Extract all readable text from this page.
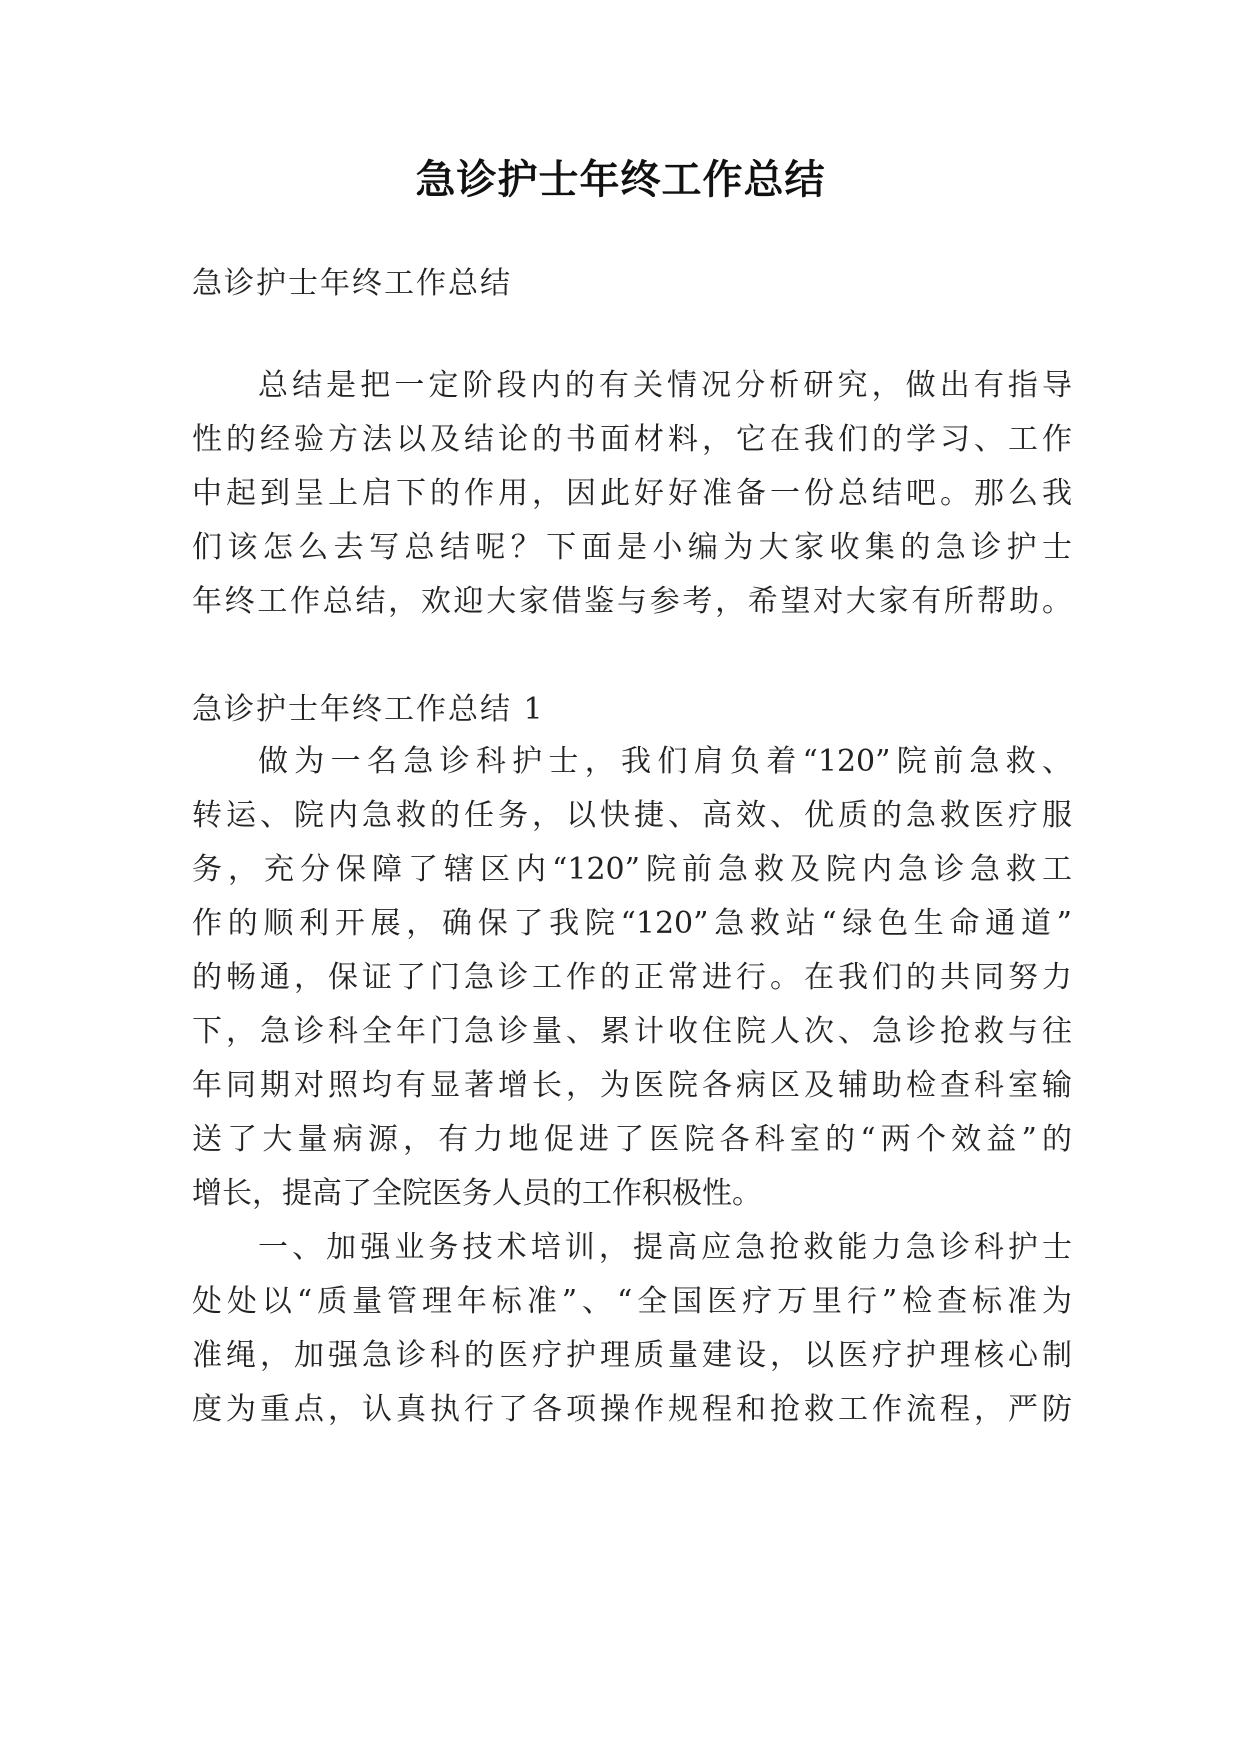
急诊护士年终工作总结
急诊护士年终工作总结
总结是把一定阶段内的有关情况分析研究，做出有指导
性的经验方法以及结论的书面材料，它在我们的学习、工作
中起到呈上启下的作用，因此好好准备一份总结吧。那么我
们该怎么去写总结呢？下面是小编为大家收集的急诊护士
年终工作总结，欢迎大家借鉴与参考，希望对大家有所帮助。
急诊护士年终工作总结 1
做为一名急诊科护士，我们肩负着“120”院前急救、
转运、院内急救的任务，以快捷、高效、优质的急救医疗服
务，充分保障了辖区内“120”院前急救及院内急诊急救工
作的顺利开展，确保了我院“120”急救站“绿色生命通道”
的畅通，保证了门急诊工作的正常进行。在我们的共同努力
下，急诊科全年门急诊量、累计收住院人次、急诊抢救与往
年同期对照均有显著增长，为医院各病区及辅助检查科室输
送了大量病源，有力地促进了医院各科室的“两个效益”的
增长，提高了全院医务人员的工作积极性。
一、加强业务技术培训，提高应急抢救能力急诊科护士
处处以“质量管理年标准”、“全国医疗万里行”检查标准为
准绳，加强急诊科的医疗护理质量建设，以医疗护理核心制
度为重点，认真执行了各项操作规程和抢救工作流程，严防
